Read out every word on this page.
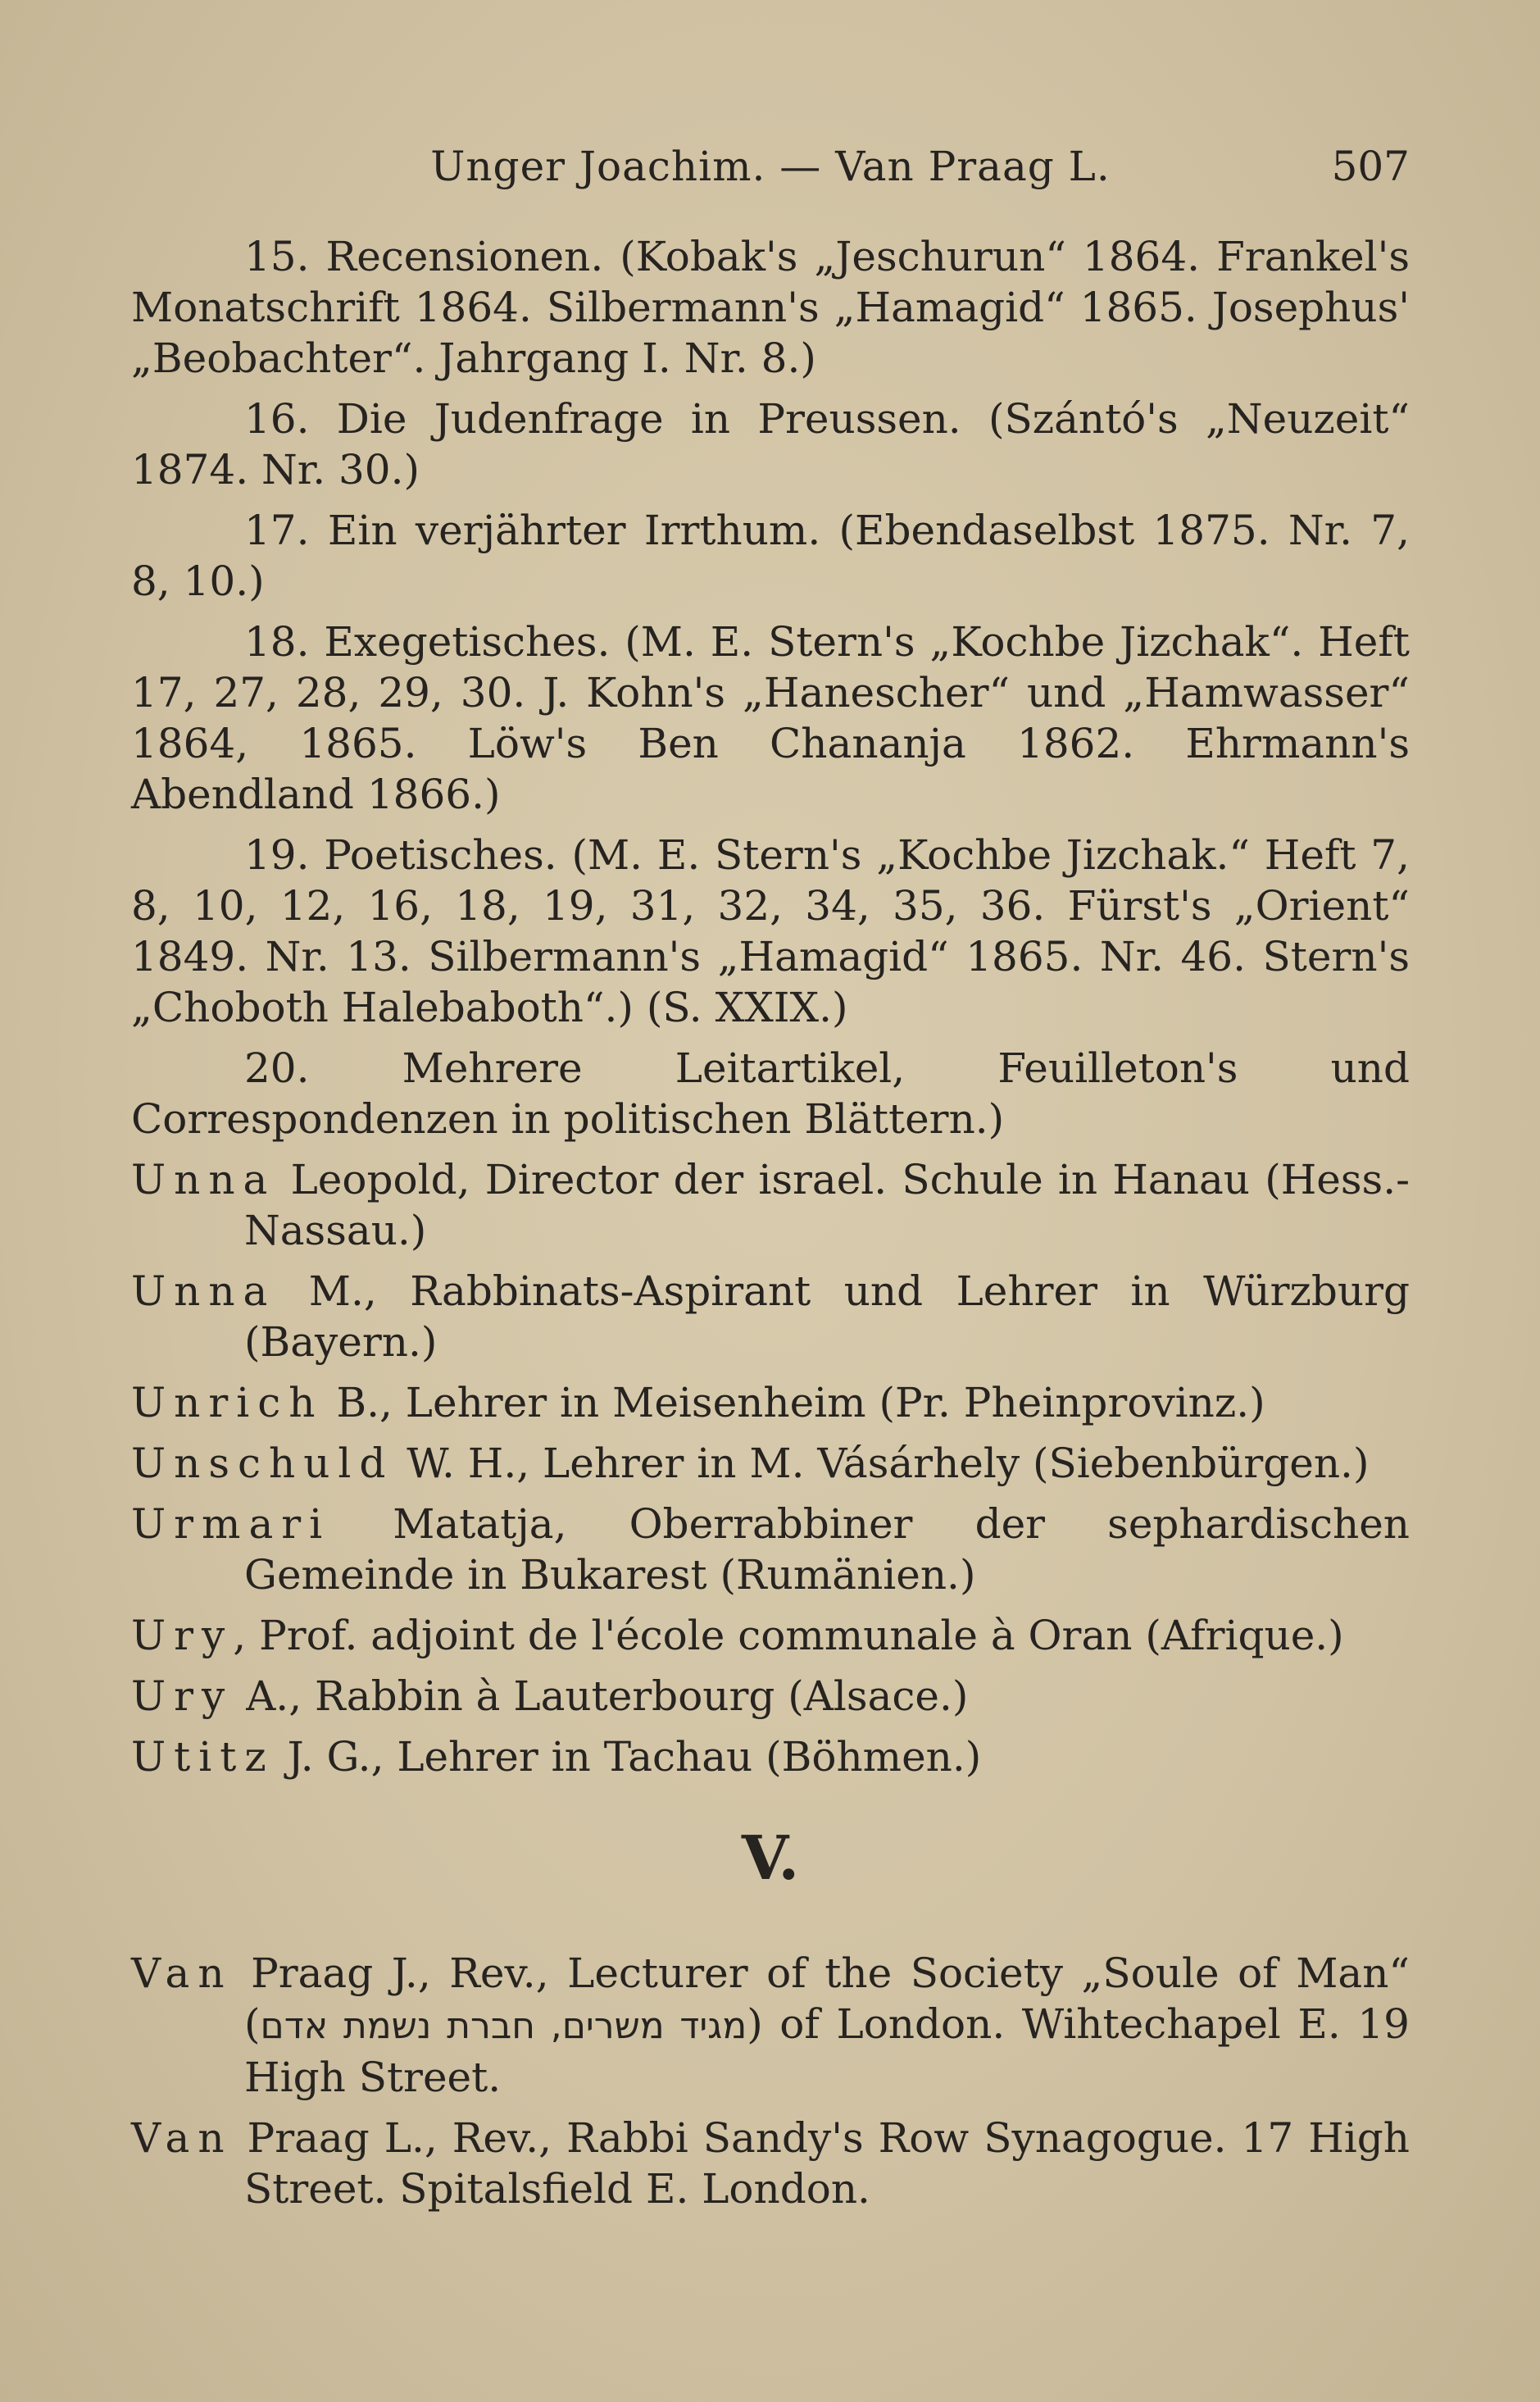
Unger Joachim. — Van Praag L.	507

15. Recensionen. (Kobak's „Jeschurun“ 1864. Frankel's Monatschrift 1864. Silbermann's „Hamagid“ 1865. Josephus' „Beobachter“. Jahrgang I. Nr. 8.)

16. Die Judenfrage in Preussen. (Szántó's „Neuzeit“ 1874. Nr. 30.)

17. Ein verjährter Irrthum. (Ebendaselbst 1875. Nr. 7, 8, 10.)

18. Exegetisches. (M. E. Stern's „Kochbe Jizchak“. Heft 17, 27, 28, 29, 30. J. Kohn's „Hanescher“ und „Hamwasser“ 1864, 1865. Löw's Ben Chananja 1862. Ehrmann's Abendland 1866.)

19. Poetisches. (M. E. Stern's „Kochbe Jizchak.“ Heft 7, 8, 10, 12, 16, 18, 19, 31, 32, 34, 35, 36. Fürst's „Orient“ 1849. Nr. 13. Silbermann's „Hamagid“ 1865. Nr. 46. Stern's „Choboth Halebaboth“.) (S. XXIX.)

20. Mehrere Leitartikel, Feuilleton's und Correspondenzen in politischen Blättern.)

Unna Leopold, Director der israel. Schule in Hanau (Hess.-Nassau.)

Unna M., Rabbinats-Aspirant und Lehrer in Würzburg (Bayern.)

Unrich B., Lehrer in Meisenheim (Pr. Pheinprovinz.)

Unschuld W. H., Lehrer in M. Vásárhely (Siebenbürgen.)

Urmari Matatja, Oberrabbiner der sephardischen Gemeinde in Bukarest (Rumänien.)

Ury, Prof. adjoint de l'école communale à Oran (Afrique.)

Ury A., Rabbin à Lauterbourg (Alsace.)

Utitz J. G., Lehrer in Tachau (Böhmen.)

V.

Van Praag J., Rev., Lecturer of the Society „Soule of Man“ (מגיד משרים, חברת נשמת אדם) of London. Wihtechapel E. 19 High Street.

Van Praag L., Rev., Rabbi Sandy's Row Synagogue. 17 High Street. Spitalsfield E. London.
